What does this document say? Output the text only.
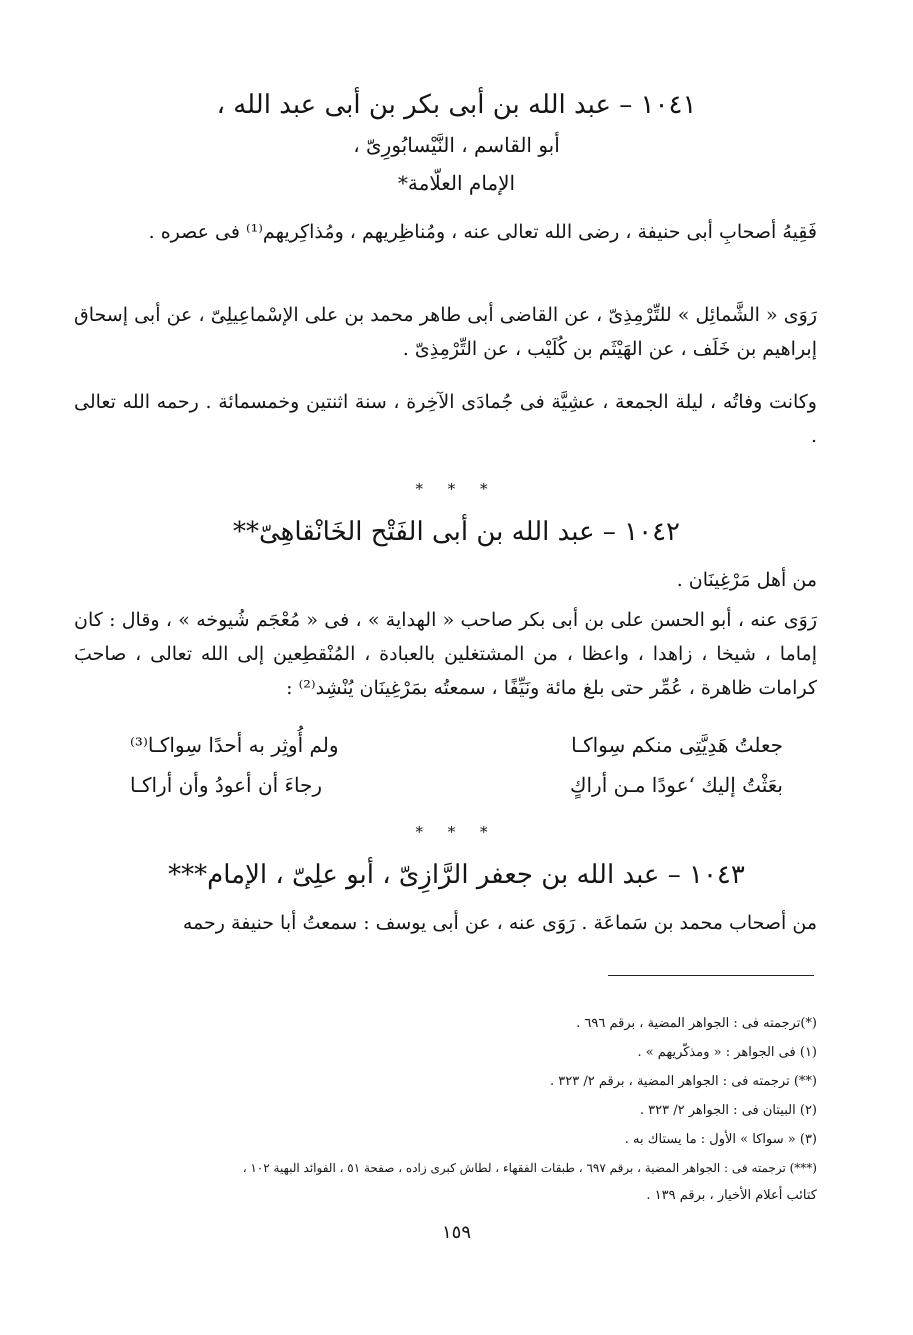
١٠٤١ – عبد الله بن أبى بكر بن أبى عبد الله ،
أبو القاسم ، النَّيْسابُورِىّ ،
الإمام العلّامة*
فَقِيهُ أصحابِ أبى حنيفة ، رضى الله تعالى عنه ، ومُناظِريهم ، ومُذاكِريهم⁽¹⁾ فى عصره .
رَوَى « الشَّمائِل » للتِّرْمِذِىّ ، عن القاضى أبى طاهر محمد بن على الإسْماعِيلِىّ ، عن أبى إسحاق إبراهيم بن خَلَف ، عن الهَيْثَم بن كُلَيْب ، عن التِّرْمِذِىّ .
وكانت وفاتُه ، ليلة الجمعة ، عشِيَّة فى جُمادَى الآخِرة ، سنة اثنتين وخمسمائة . رحمه الله تعالى .
* * *
١٠٤٢ – عبد الله بن أبى الفَتْح الخَانْقاهِىّ**
من أهل مَرْغِينَان .
رَوَى عنه ، أبو الحسن على بن أبى بكر صاحب « الهداية » ، فى « مُعْجَم شُيوخه » ، وقال : كان إماما ، شيخا ، زاهدا ، واعظا ، من المشتغلين بالعبادة ، المُنْقطِعين إلى الله تعالى ، صاحبَ كرامات ظاهرة ، عُمِّر حتى بلغ مائة ونَيِّفًا ، سمعتُه بمَرْغِينَان يُنْشِد⁽²⁾ :
جعلتُ هَدِيَّتِى منكم سِواكـا
ولم أُوثِر به أحدًا سِواكـا⁽³⁾
بعَثْتُ إليك ‘عودًا مـن أراكٍ
رجاءَ أن أعودُ وأن أراكـا
* * *
١٠٤٣ – عبد الله بن جعفر الرَّازِىّ ، أبو علِىّ ، الإمام***
من أصحاب محمد بن سَماعَة . رَوَى عنه ، عن أبى يوسف : سمعتُ أبا حنيفة رحمه
(*)ترجمته فى : الجواهر المضية ، برقم ٦٩٦ .
(١) فى الجواهر : « ومذكّريهم » .
(**) ترجمته فى : الجواهر المضية ، برقم ٢/ ٣٢٣ .
(٢) البيتان فى : الجواهر ٢/ ٣٢٣ .
(٣) « سواكا » الأول : ما يستاك به .
(***) ترجمته فى : الجواهر المضية ، برقم ٦٩٧ ، طبقات الفقهاء ، لطاش كبرى زاده ، صفحة ٥١ ، الفوائد البهية ١٠٢ ،
كتائب أعلام الأخيار ، برقم ١٣٩ .
١٥٩
